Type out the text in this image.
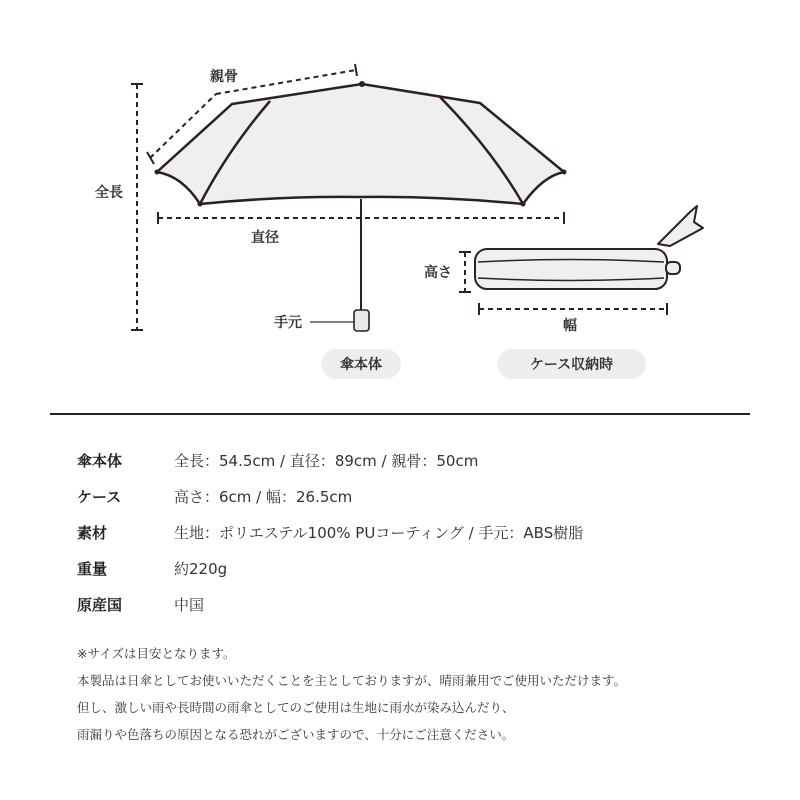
親骨
全長
直径
手元
高さ
幅
傘本体	ケース収納時
傘本体	全長：54.5cm / 直径：89cm / 親骨：50cm
ケース	高さ：6cm / 幅：26.5cm
素材	生地：ポリエステル100% PUコーティング / 手元：ABS樹脂
重量	約220g
原産国	中国
※サイズは目安となります。
本製品は日傘としてお使いいただくことを主としておりますが、晴雨兼用でご使用いただけます。
但し、激しい雨や長時間の雨傘としてのご使用は生地に雨水が染み込んだり、
雨漏りや色落ちの原因となる恐れがございますので、十分にご注意ください。
